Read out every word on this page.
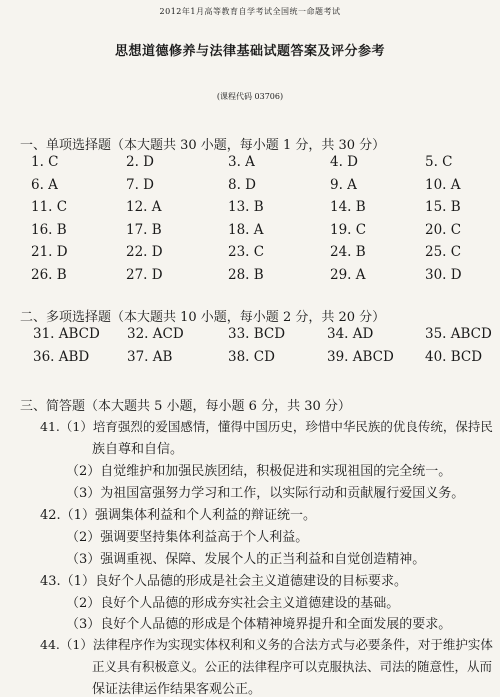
2012年1月高等教育自学考试全国统一命题考试
思想道德修养与法律基础试题答案及评分参考
(课程代码 03706)
一、单项选择题（本大题共 30 小题，每小题 1 分，共 30 分）
1. C	2. D	3. A	4. D	5. C
6. A	7. D	8. D	9. A	10. A
11. C	12. A	13. B	14. B	15. B
16. B	17. B	18. A	19. C	20. C
21. D	22. D	23. C	24. B	25. C
26. B	27. D	28. B	29. A	30. D
二、多项选择题（本大题共 10 小题，每小题 2 分，共 20 分）
31. ABCD 32. ACD	33. BCD	34. AD	35. ABCD
36. ABD	37. AB	38. CD	39. ABCD 40. BCD
三、简答题（本大题共 5 小题，每小题 6 分，共 30 分）
41.（1）培育强烈的爱国感情，懂得中国历史，珍惜中华民族的优良传统，保持民
族自尊和自信。
（2）自觉维护和加强民族团结，积极促进和实现祖国的完全统一。
（3）为祖国富强努力学习和工作，以实际行动和贡献履行爱国义务。
42.（1）强调集体利益和个人利益的辩证统一。
（2）强调要坚持集体利益高于个人利益。
（3）强调重视、保障、发展个人的正当利益和自觉创造精神。
43.（1）良好个人品德的形成是社会主义道德建设的目标要求。
（2）良好个人品德的形成夯实社会主义道德建设的基础。
（3）良好个人品德的形成是个体精神境界提升和全面发展的要求。
44.（1）法律程序作为实现实体权利和义务的合法方式与必要条件，对于维护实体
正义具有积极意义。公正的法律程序可以克服执法、司法的随意性，从而
保证法律运作结果客观公正。
